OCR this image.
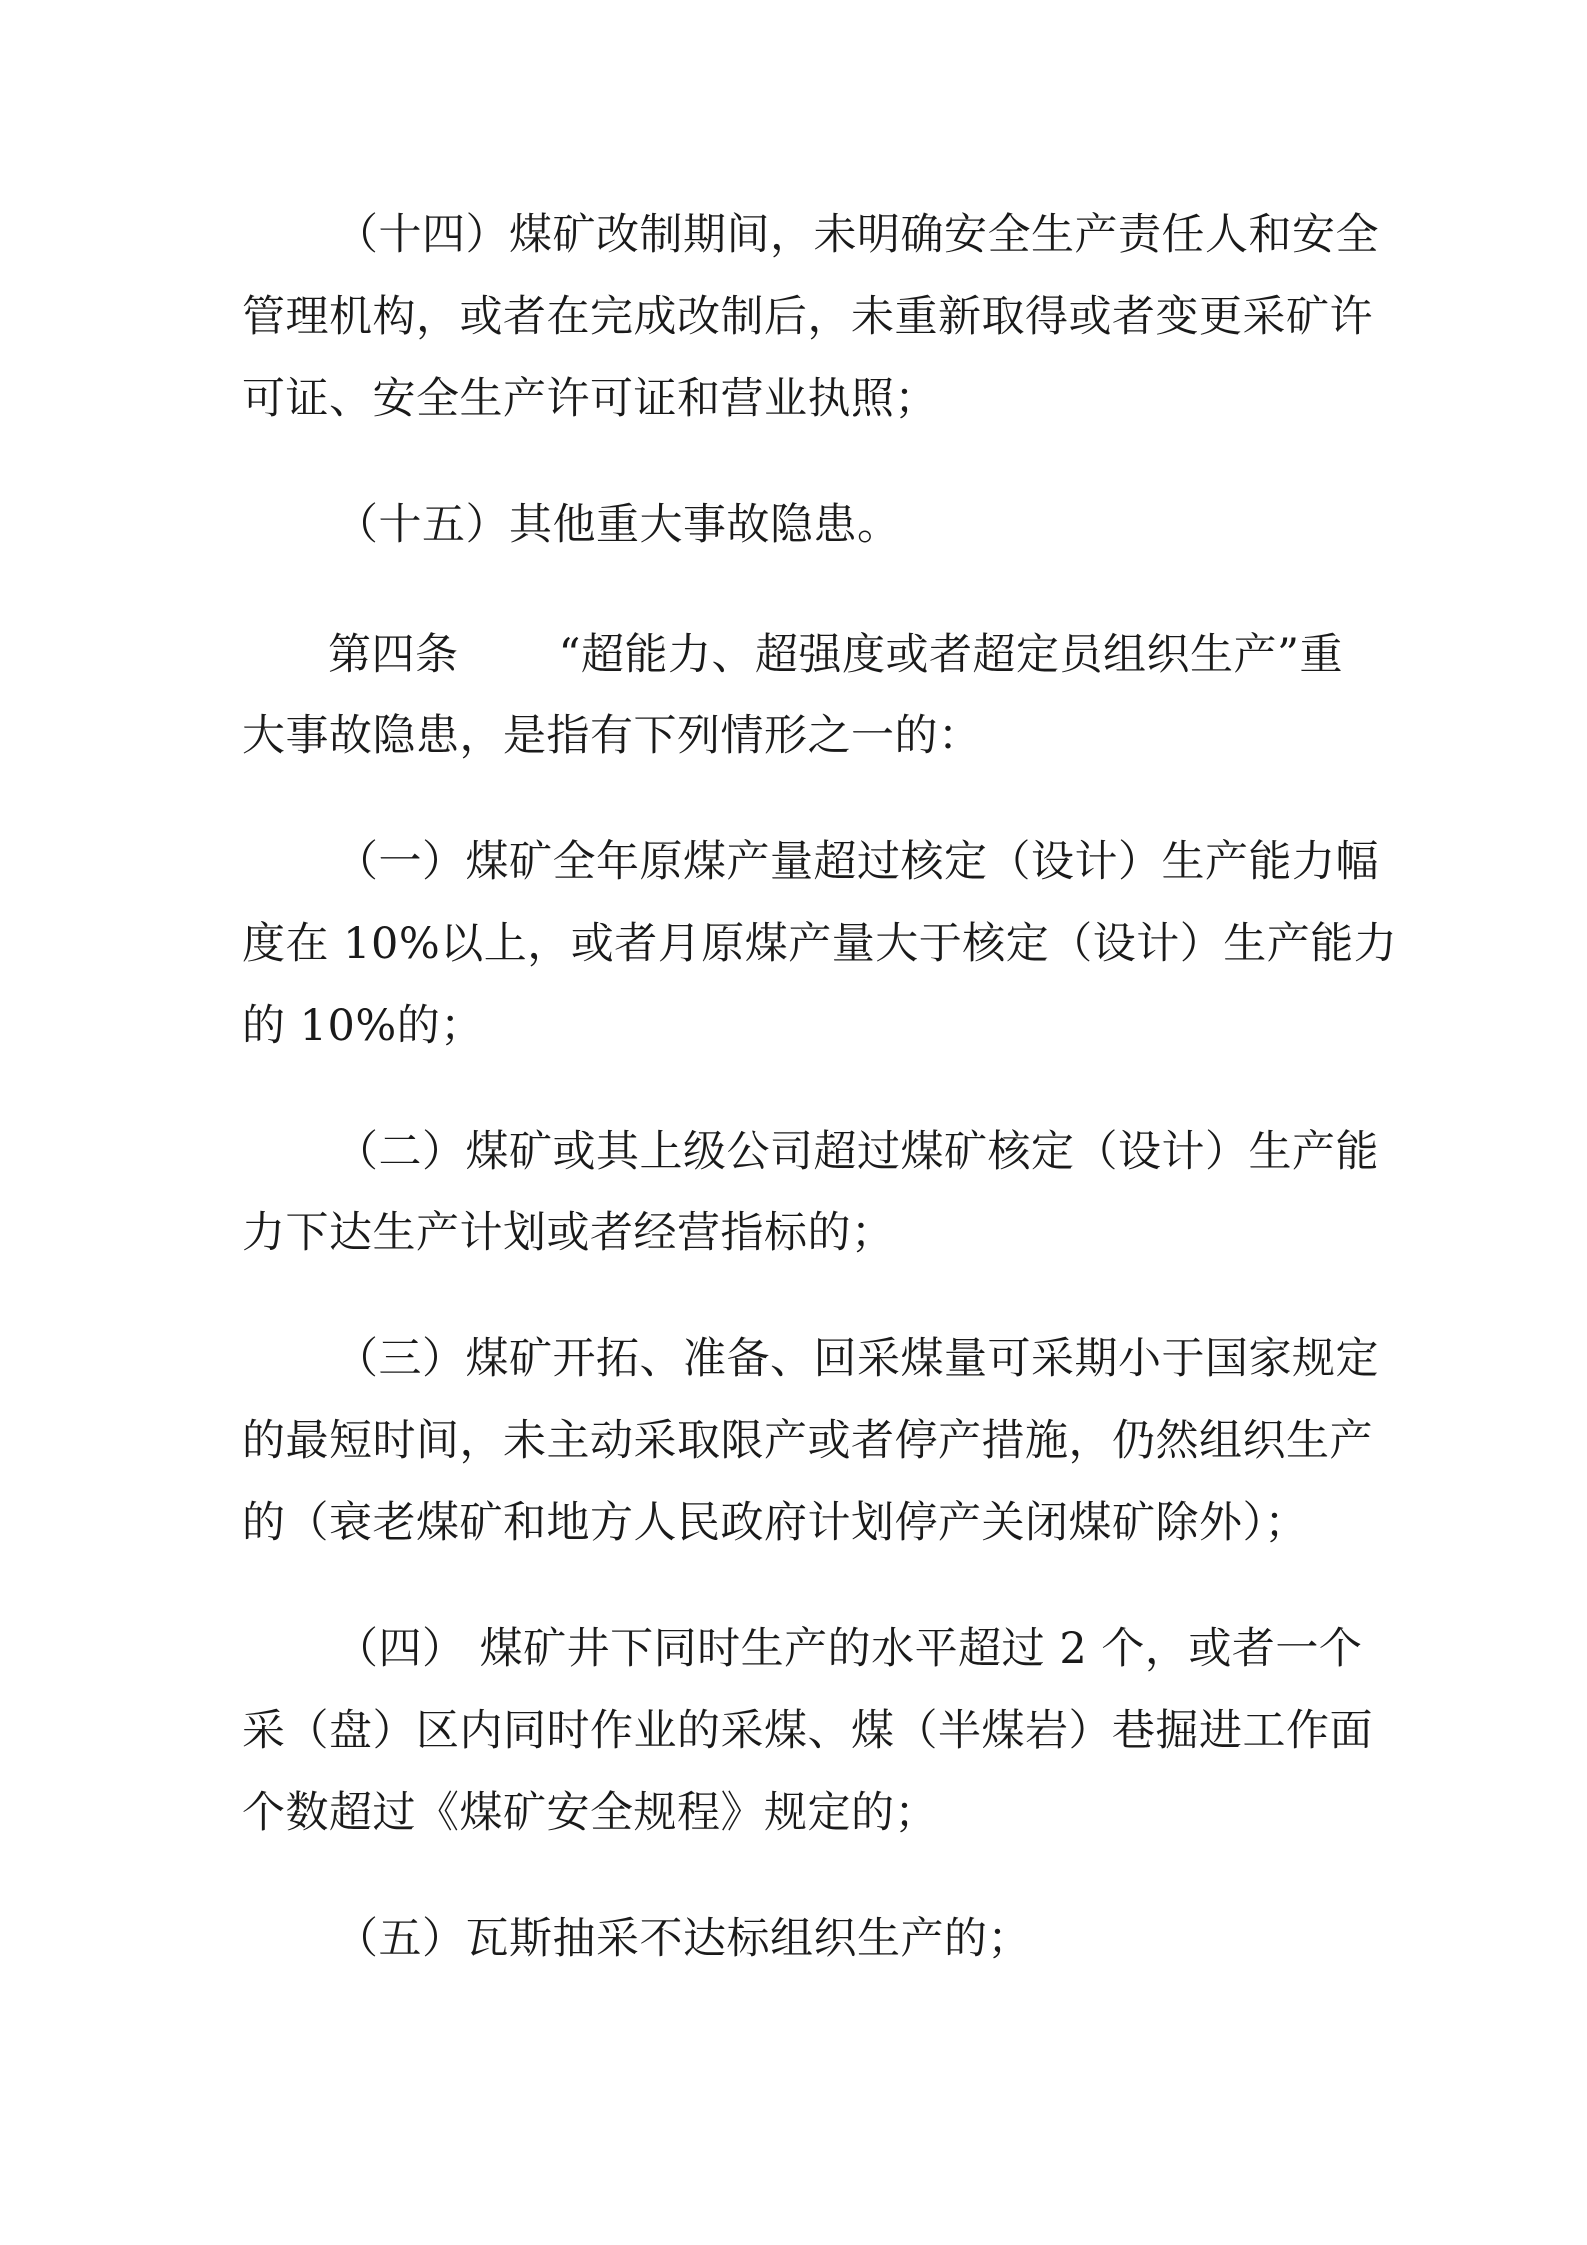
（十四）煤矿改制期间，未明确安全生产责任人和安全
管理机构，或者在完成改制后，未重新取得或者变更采矿许
可证、安全生产许可证和营业执照；
（十五）其他重大事故隐患。
第四条 “超能力、超强度或者超定员组织生产”重
大事故隐患，是指有下列情形之一的：
（一）煤矿全年原煤产量超过核定（设计）生产能力幅
度在 10%以上，或者月原煤产量大于核定（设计）生产能力
的 10%的；
（二）煤矿或其上级公司超过煤矿核定（设计）生产能
力下达生产计划或者经营指标的；
（三）煤矿开拓、准备、回采煤量可采期小于国家规定
的最短时间，未主动采取限产或者停产措施，仍然组织生产
的（衰老煤矿和地方人民政府计划停产关闭煤矿除外）；
（四） 煤矿井下同时生产的水平超过 2 个，或者一个
采（盘）区内同时作业的采煤、煤（半煤岩）巷掘进工作面
个数超过《煤矿安全规程》规定的；
（五）瓦斯抽采不达标组织生产的；
